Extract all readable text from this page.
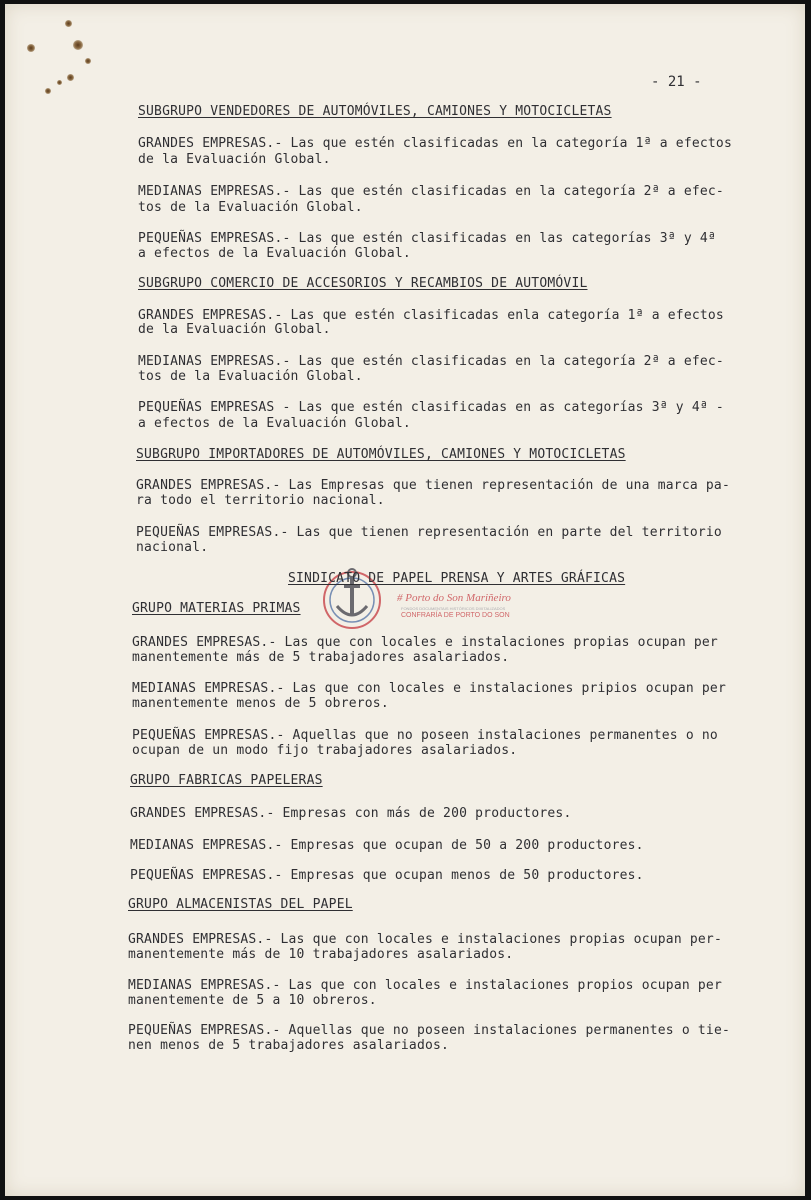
- 21 -
# Porto do Son Mariñeiro
FONDOS DOCUMENTAIS HISTÓRICOS DIXITALIZADOS
CONFRARÍA DE PORTO DO SON

SUBGRUPO VENDEDORES DE AUTOMÓVILES, CAMIONES Y MOTOCICLETAS

GRANDES EMPRESAS.- Las que estén clasificadas en la categoría 1ª a efectos

de la Evaluación Global.

MEDIANAS EMPRESAS.- Las que estén clasificadas en la categoría 2ª a efec-

tos de la Evaluación Global.

PEQUEÑAS EMPRESAS.- Las que estén clasificadas en las categorías 3ª y 4ª

a efectos de la Evaluación Global.

SUBGRUPO COMERCIO DE ACCESORIOS Y RECAMBIOS DE AUTOMÓVIL

GRANDES EMPRESAS.- Las que estén clasificadas enla categoría 1ª a efectos

de la Evaluación Global.

MEDIANAS EMPRESAS.- Las que estén clasificadas en la categoría 2ª a efec-

tos de la Evaluación Global.

PEQUEÑAS EMPRESAS - Las que estén clasificadas en as categorías 3ª y 4ª -

a efectos de la Evaluación Global.

SUBGRUPO IMPORTADORES DE AUTOMÓVILES, CAMIONES Y MOTOCICLETAS

GRANDES EMPRESAS.- Las Empresas que tienen representación de una marca pa-

ra todo el territorio nacional.

PEQUEÑAS EMPRESAS.- Las que tienen representación en parte del territorio

nacional.

SINDICATO DE PAPEL PRENSA Y ARTES GRÁFICAS

GRUPO MATERIAS PRIMAS

GRANDES EMPRESAS.- Las que con locales e instalaciones propias ocupan per

manentemente más de 5 trabajadores asalariados.

MEDIANAS EMPRESAS.- Las que con locales e instalaciones pripios ocupan per

manentemente menos de 5 obreros.

PEQUEÑAS EMPRESAS.- Aquellas que no poseen instalaciones permanentes o no

ocupan de un modo fijo trabajadores asalariados.

GRUPO FABRICAS PAPELERAS

GRANDES EMPRESAS.- Empresas con más de 200 productores.

MEDIANAS EMPRESAS.- Empresas que ocupan de 50 a 200 productores.

PEQUEÑAS EMPRESAS.- Empresas que ocupan menos de 50 productores.

GRUPO ALMACENISTAS DEL PAPEL

GRANDES EMPRESAS.- Las que con locales e instalaciones propias ocupan per-

manentemente más de 10 trabajadores asalariados.

MEDIANAS EMPRESAS.- Las que con locales e instalaciones propios ocupan per

manentemente de 5 a 10 obreros.

PEQUEÑAS EMPRESAS.- Aquellas que no poseen instalaciones permanentes o tie-

nen menos de 5 trabajadores asalariados.
